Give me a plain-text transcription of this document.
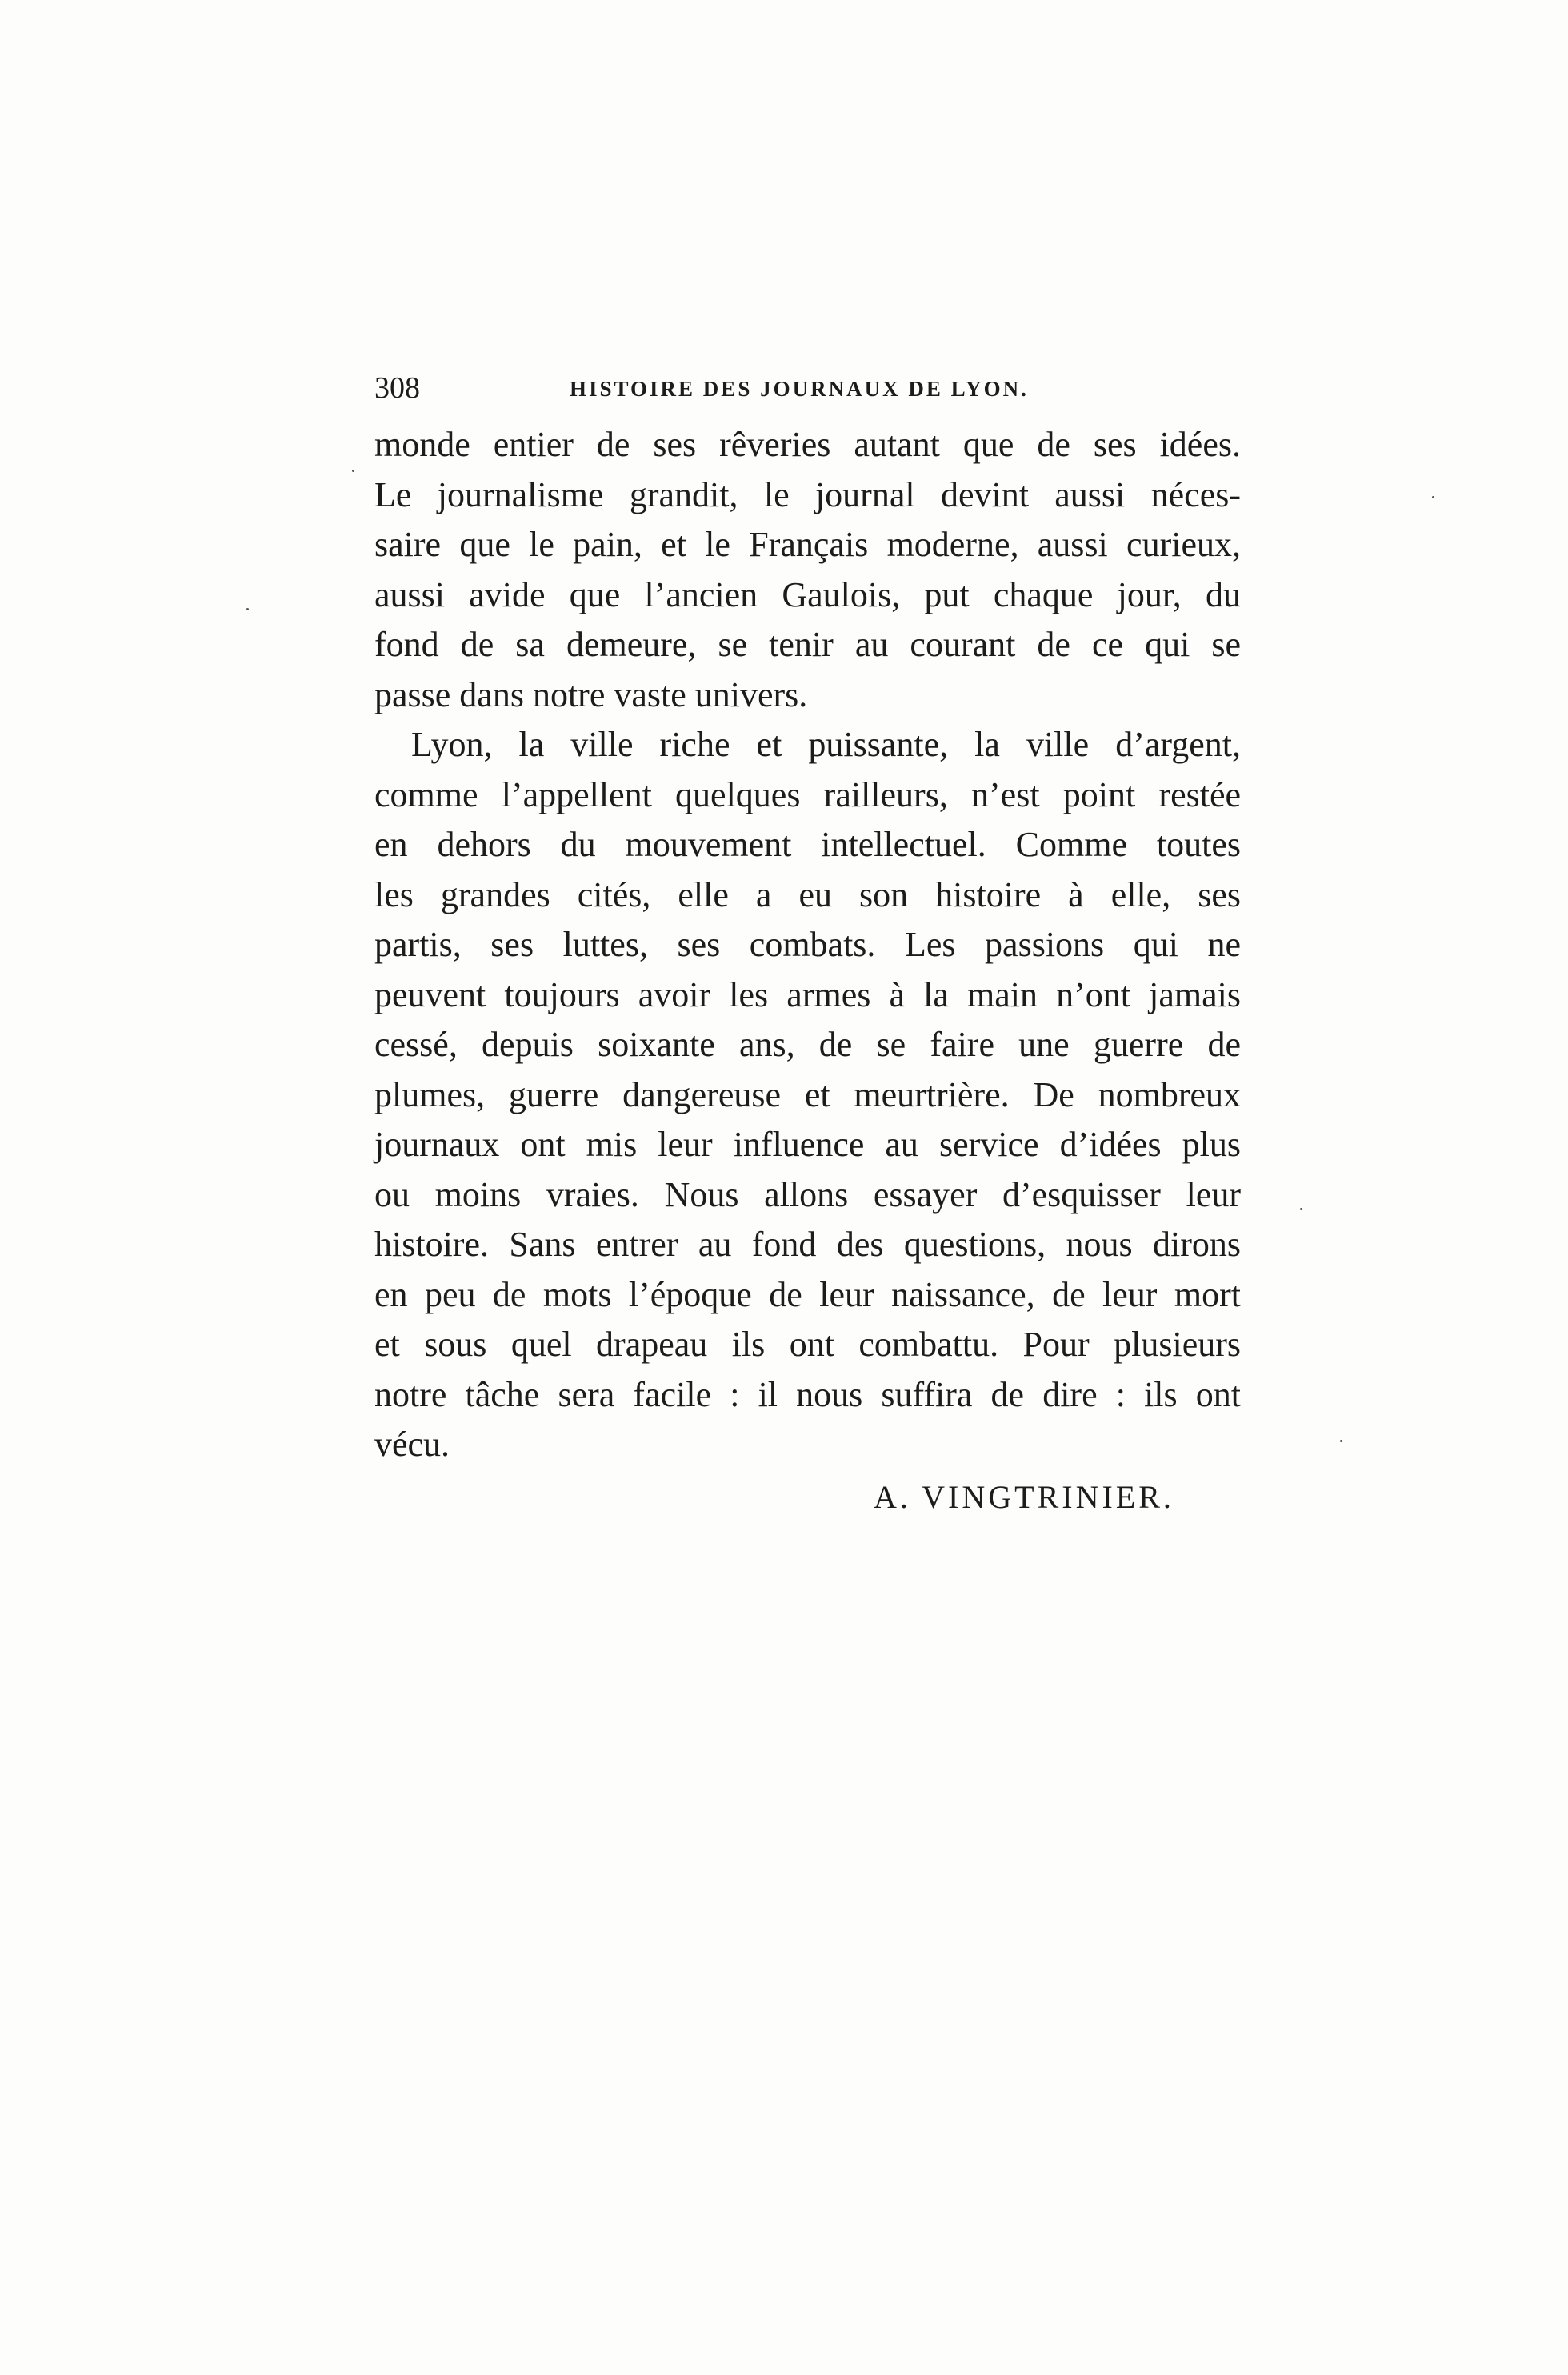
308	HISTOIRE DES JOURNAUX DE LYON.
monde entier de ses rêveries autant que de ses idées.
Le journalisme grandit, le journal devint aussi néces-
saire que le pain, et le Français moderne, aussi curieux,
aussi avide que l’ancien Gaulois, put chaque jour, du
fond de sa demeure, se tenir au courant de ce qui se
passe dans notre vaste univers.
Lyon, la ville riche et puissante, la ville d’argent,
comme l’appellent quelques railleurs, n’est point restée
en dehors du mouvement intellectuel. Comme toutes
les grandes cités, elle a eu son histoire à elle, ses
partis, ses luttes, ses combats. Les passions qui ne
peuvent toujours avoir les armes à la main n’ont jamais
cessé, depuis soixante ans, de se faire une guerre de
plumes, guerre dangereuse et meurtrière. De nombreux
journaux ont mis leur influence au service d’idées plus
ou moins vraies. Nous allons essayer d’esquisser leur
histoire. Sans entrer au fond des questions, nous dirons
en peu de mots l’époque de leur naissance, de leur mort
et sous quel drapeau ils ont combattu. Pour plusieurs
notre tâche sera facile : il nous suffira de dire : ils ont
vécu.
A. VINGTRINIER.
